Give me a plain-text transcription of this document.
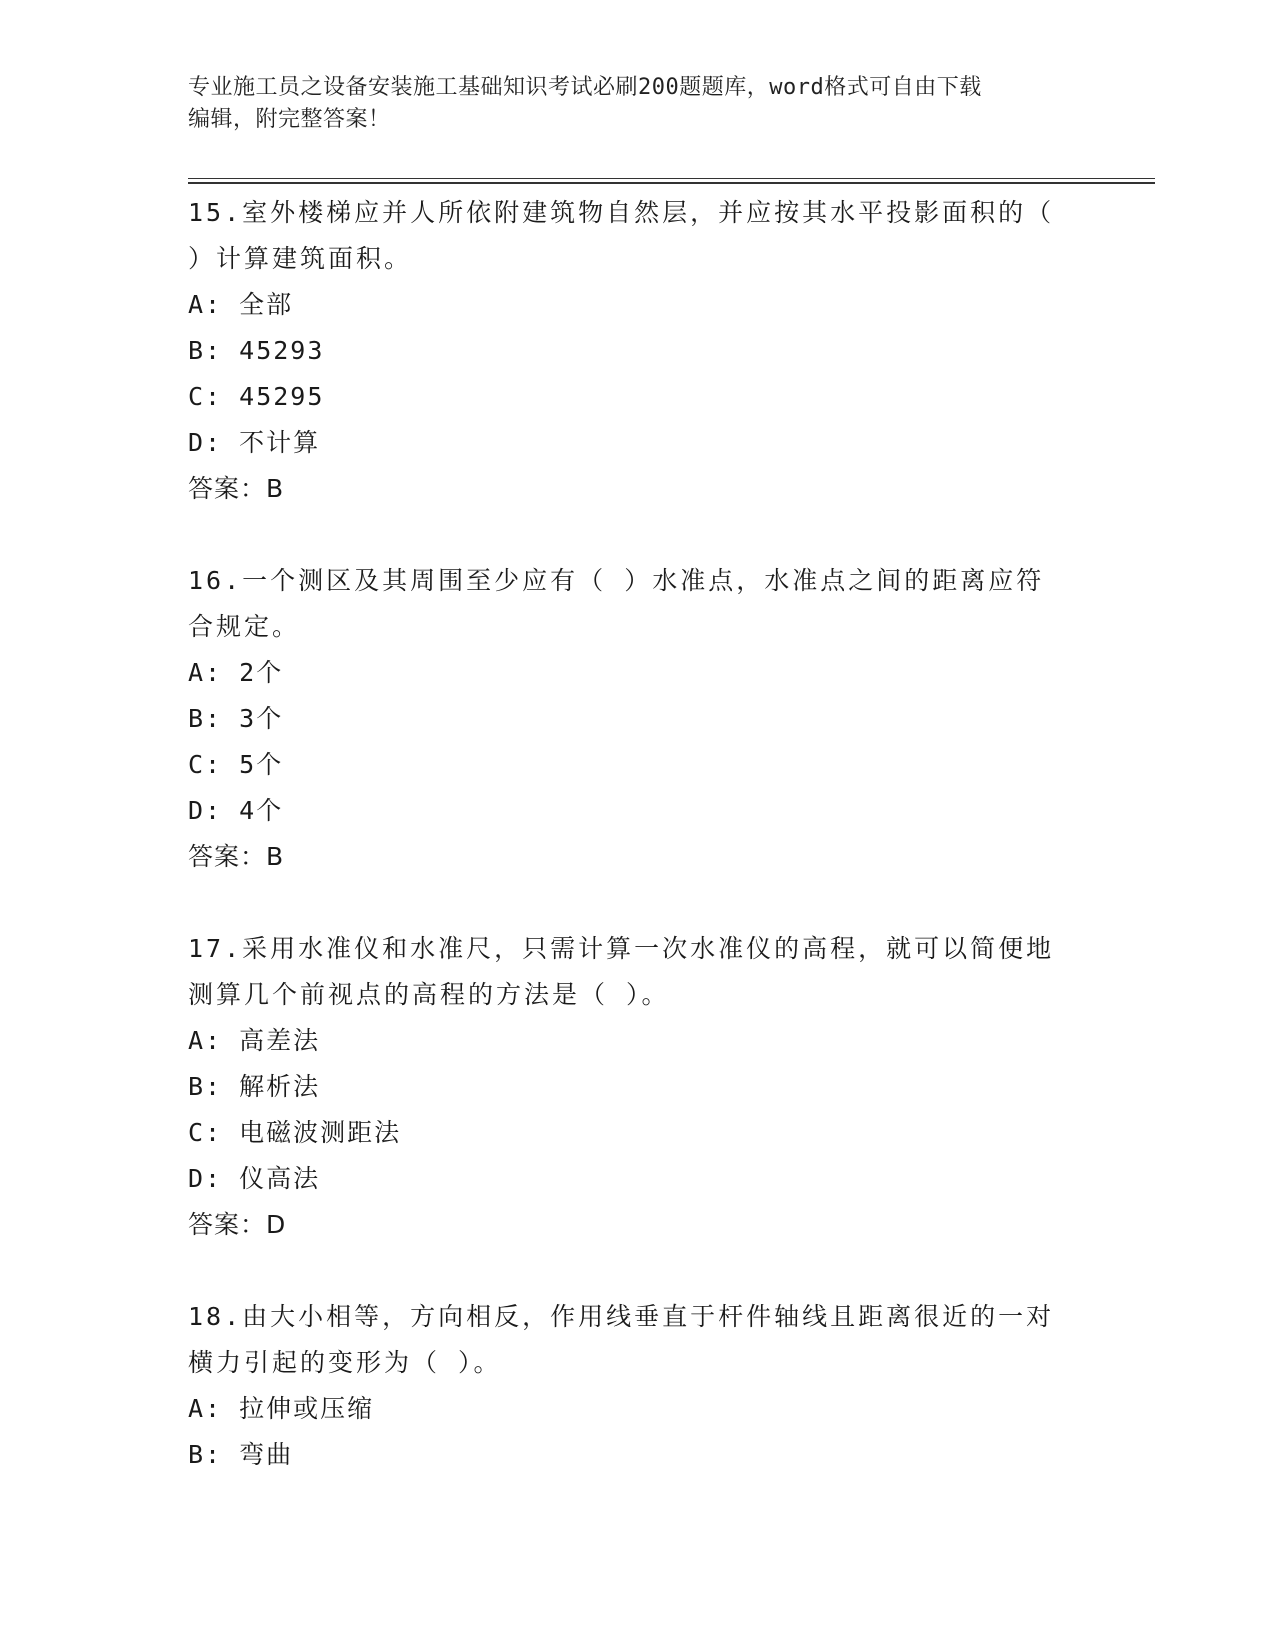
专业施工员之设备安装施工基础知识考试必刷200题题库，word格式可自由下载
编辑，附完整答案！
15.室外楼梯应并人所依附建筑物自然层，并应按其水平投影面积的（
）计算建筑面积。
A: 全部
B: 45293
C: 45295
D: 不计算
答案：B
16.一个测区及其周围至少应有（ ）水准点，水准点之间的距离应符
合规定。
A: 2个
B: 3个
C: 5个
D: 4个
答案：B
17.采用水准仪和水准尺，只需计算一次水准仪的高程，就可以简便地
测算几个前视点的高程的方法是（ ）。
A: 高差法
B: 解析法
C: 电磁波测距法
D: 仪高法
答案：D
18.由大小相等，方向相反，作用线垂直于杆件轴线且距离很近的一对
横力引起的变形为（ ）。
A: 拉伸或压缩
B: 弯曲
